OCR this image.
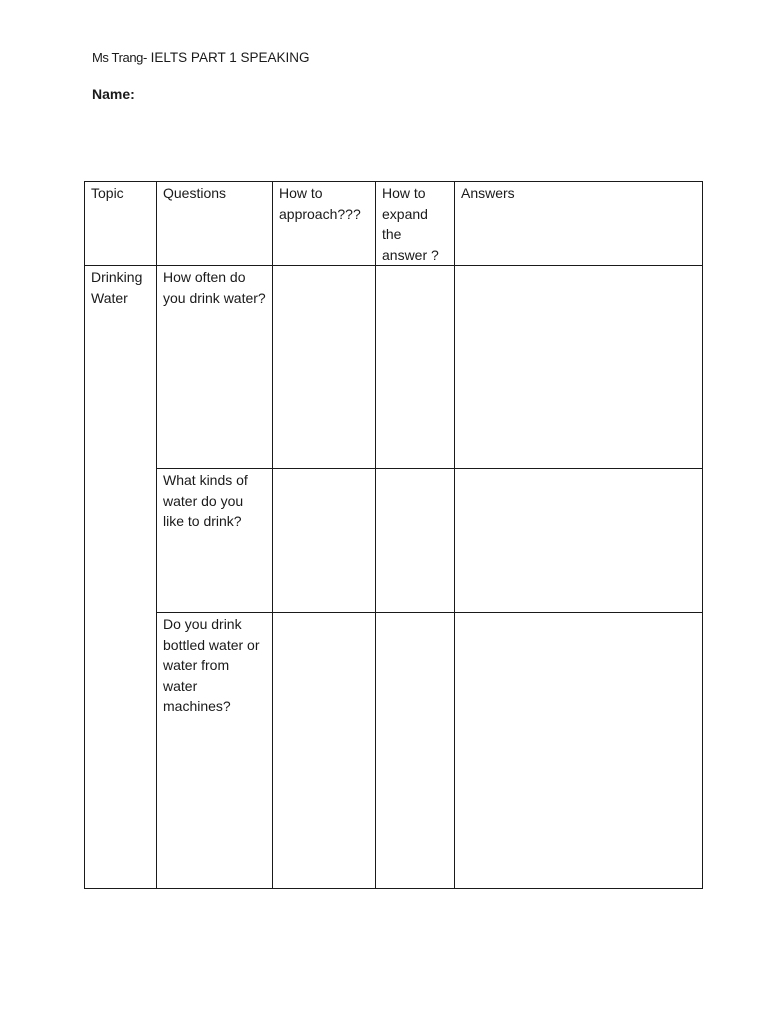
Ms Trang- IELTS PART 1 SPEAKING
Name:
Topic	Questions	How to approach???	How to expand the answer ?	Answers
Drinking Water	How often do you drink water?			
	What kinds of water do you like to drink?			
	Do you drink bottled water or water from water machines?			
